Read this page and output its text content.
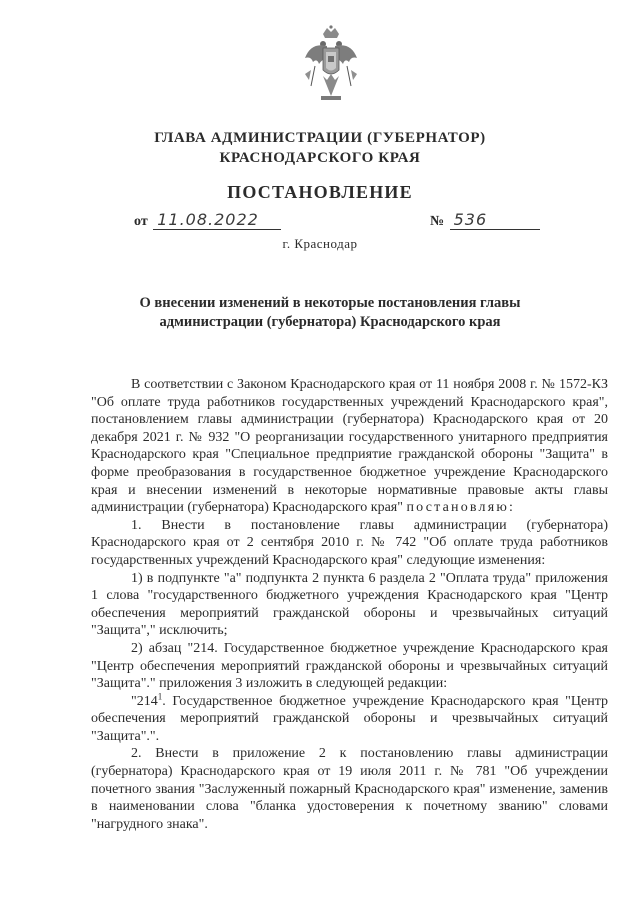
ГЛАВА АДМИНИСТРАЦИИ (ГУБЕРНАТОР)
КРАСНОДАРСКОГО КРАЯ
ПОСТАНОВЛЕНИЕ
от 11.08.2022	№ 536
г. Краснодар
О внесении изменений в некоторые постановления главы администрации (губернатора) Краснодарского края

В соответствии с Законом Краснодарского края от 11 ноября 2008 г. № 1572-КЗ "Об оплате труда работников государственных учреждений Краснодарского края", постановлением главы администрации (губернатора) Краснодарского края от 20 декабря 2021 г. № 932 "О реорганизации государственного унитарного предприятия Краснодарского края "Специальное предприятие гражданской обороны "Защита" в форме преобразования в государственное бюджетное учреждение Краснодарского края и внесении изменений в некоторые нормативные правовые акты главы администрации (губернатора) Краснодарского края" постановляю:

1. Внести в постановление главы администрации (губернатора) Краснодарского края от 2 сентября 2010 г. № 742 "Об оплате труда работников государственных учреждений Краснодарского края" следующие изменения:

1) в подпункте "а" подпункта 2 пункта 6 раздела 2 "Оплата труда" приложения 1 слова "государственного бюджетного учреждения Краснодарского края "Центр обеспечения мероприятий гражданской обороны и чрезвычайных ситуаций "Защита"," исключить;

2) абзац "214. Государственное бюджетное учреждение Краснодарского края "Центр обеспечения мероприятий гражданской обороны и чрезвычайных ситуаций "Защита"." приложения 3 изложить в следующей редакции:

"$214^1$. Государственное бюджетное учреждение Краснодарского края "Центр обеспечения мероприятий гражданской обороны и чрезвычайных ситуаций "Защита".".

2. Внести в приложение 2 к постановлению главы администрации (губернатора) Краснодарского края от 19 июля 2011 г. № 781 "Об учреждении почетного звания "Заслуженный пожарный Краснодарского края" изменение, заменив в наименовании слова "бланка удостоверения к почетному званию" словами "нагрудного знака".
